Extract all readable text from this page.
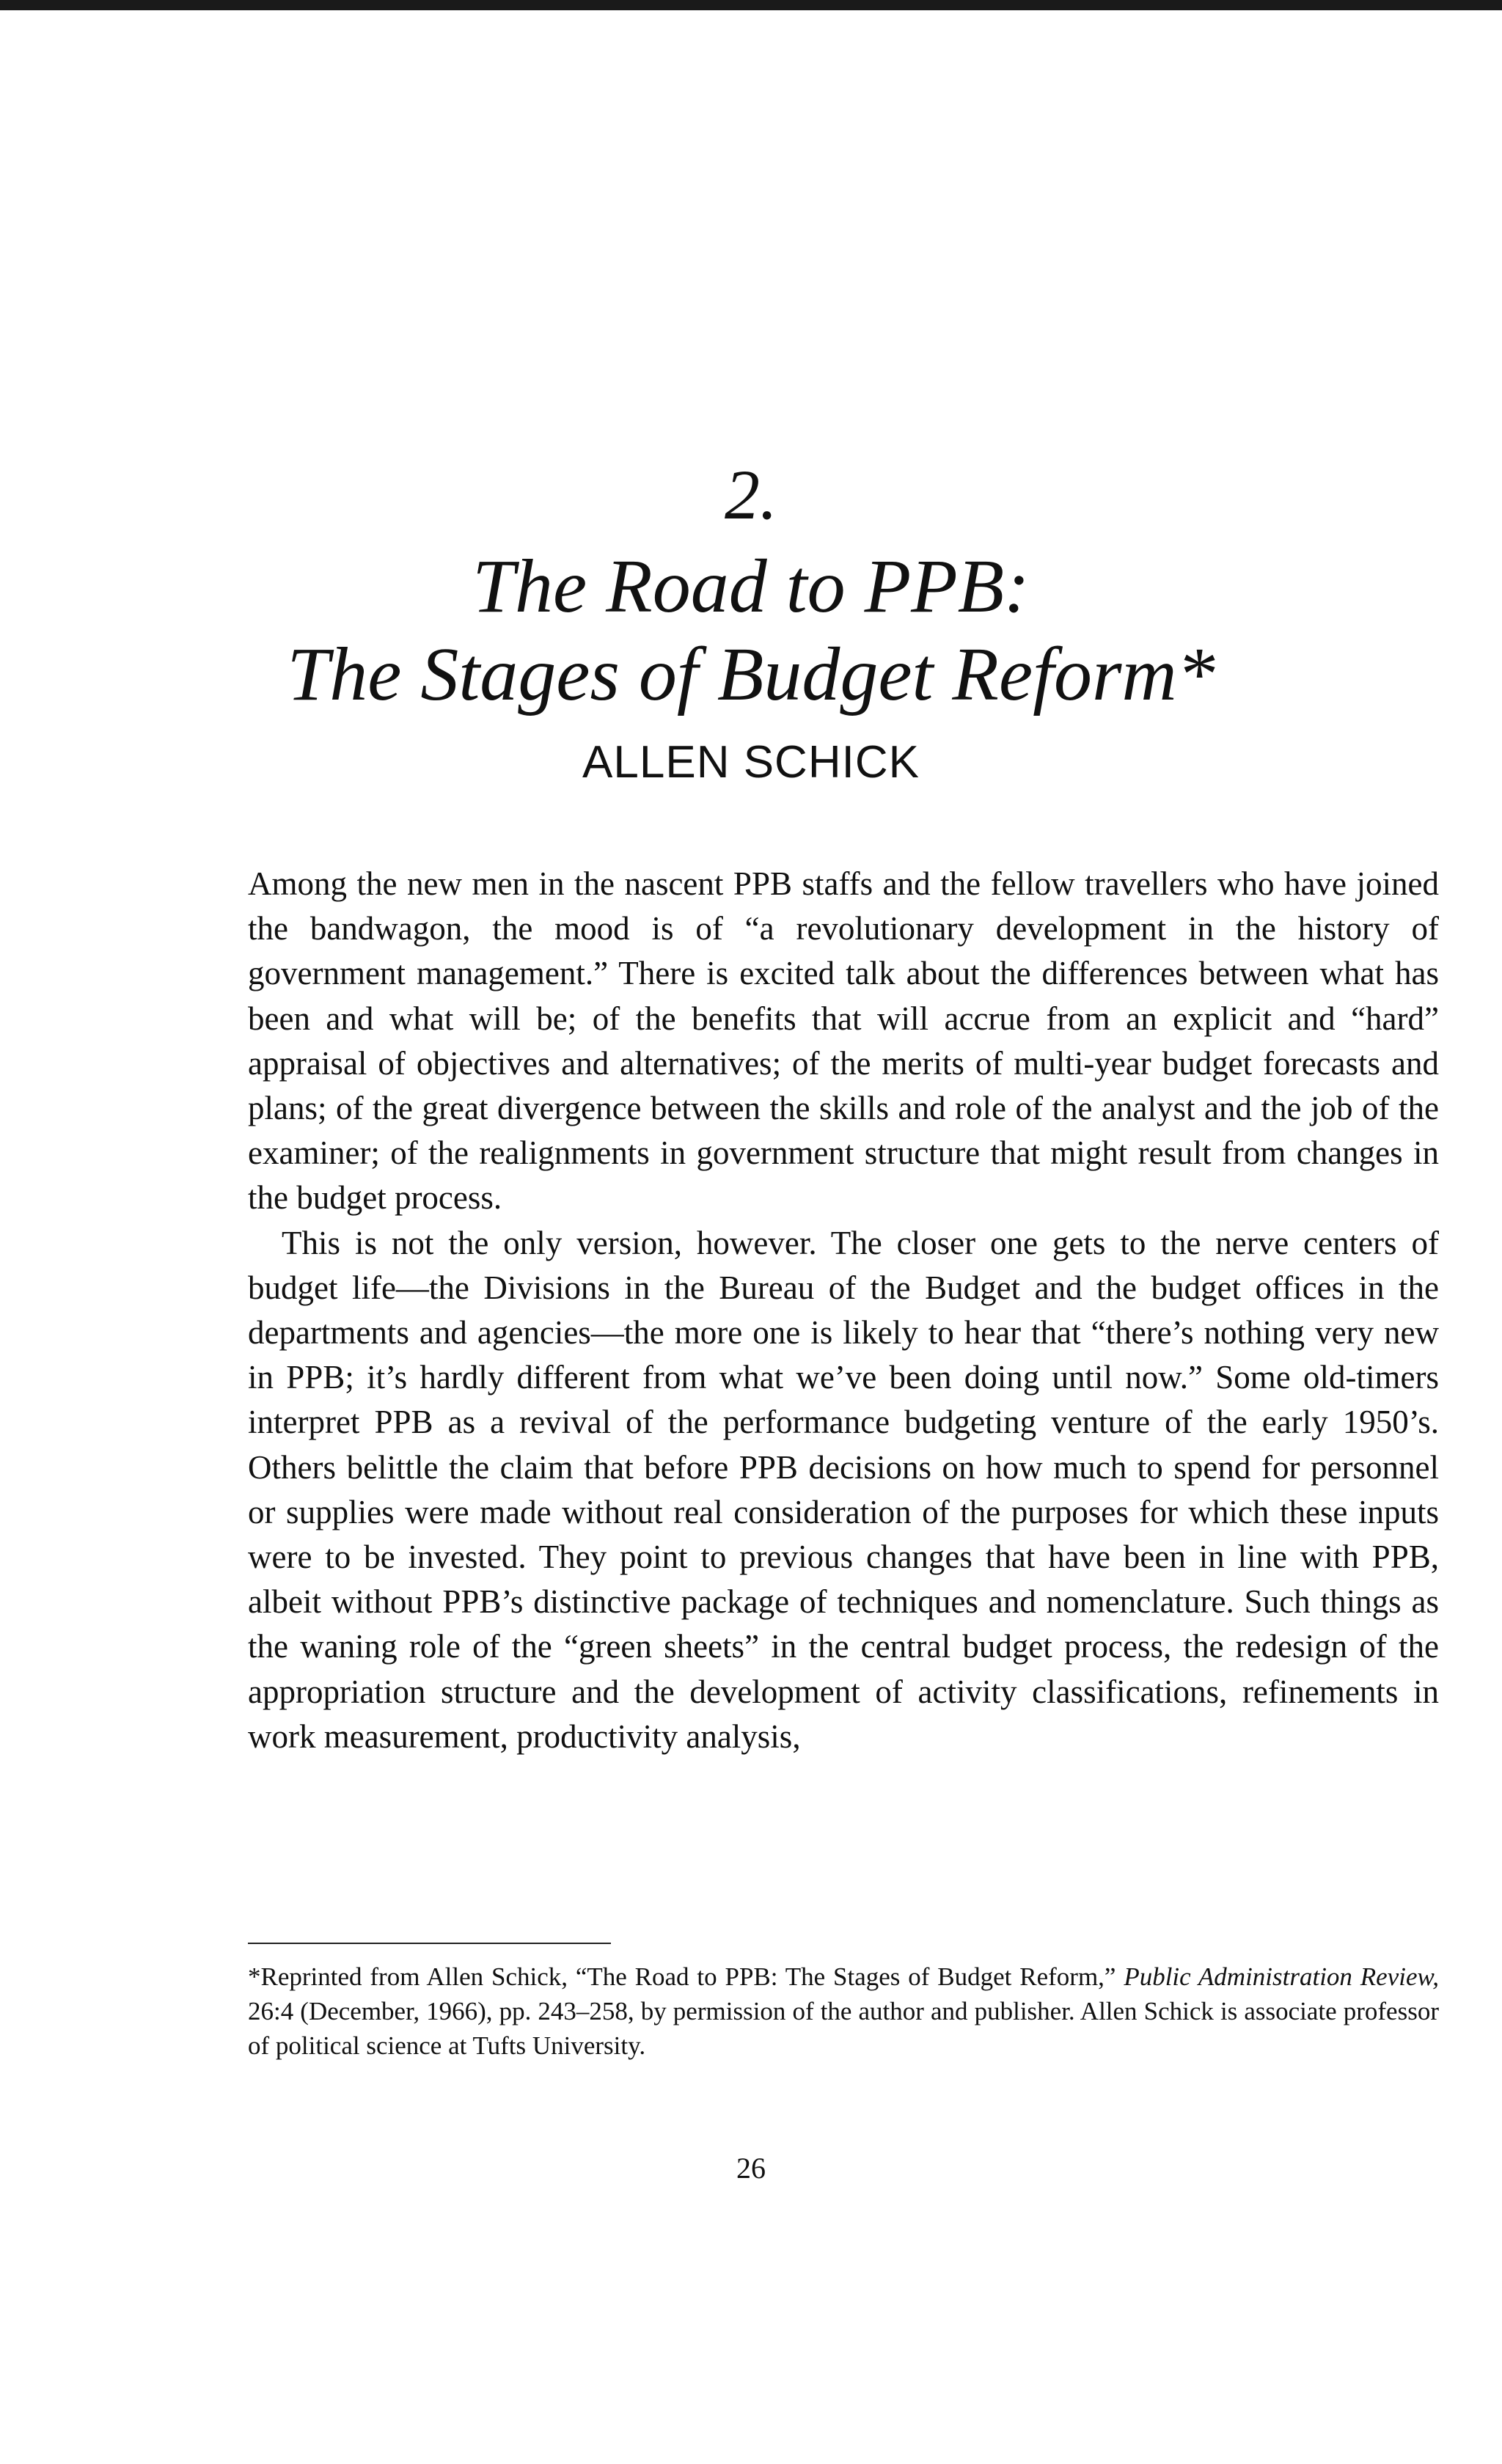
2.
The Road to PPB:
The Stages of Budget Reform*
ALLEN SCHICK

Among the new men in the nascent PPB staffs and the fellow travellers who have joined the bandwagon, the mood is of “a revolutionary development in the history of government management.” There is excited talk about the differences between what has been and what will be; of the benefits that will accrue from an explicit and “hard” appraisal of objectives and alternatives; of the merits of multi-year budget forecasts and plans; of the great divergence between the skills and role of the analyst and the job of the examiner; of the realignments in government structure that might result from changes in the budget process.

This is not the only version, however. The closer one gets to the nerve centers of budget life—the Divisions in the Bureau of the Budget and the budget offices in the departments and agencies—the more one is likely to hear that “there’s nothing very new in PPB; it’s hardly different from what we’ve been doing until now.” Some old-timers interpret PPB as a revival of the performance budgeting venture of the early 1950’s. Others belittle the claim that before PPB decisions on how much to spend for personnel or supplies were made without real consideration of the purposes for which these inputs were to be invested. They point to previous changes that have been in line with PPB, albeit without PPB’s distinctive package of techniques and nomenclature. Such things as the waning role of the “green sheets” in the central budget process, the redesign of the appropriation structure and the development of activity classifications, refinements in work measurement, productivity analysis,

*Reprinted from Allen Schick, “The Road to PPB: The Stages of Budget Reform,” Public Administration Review, 26:4 (December, 1966), pp. 243–258, by permission of the author and publisher. Allen Schick is associate professor of political science at Tufts University.

26
